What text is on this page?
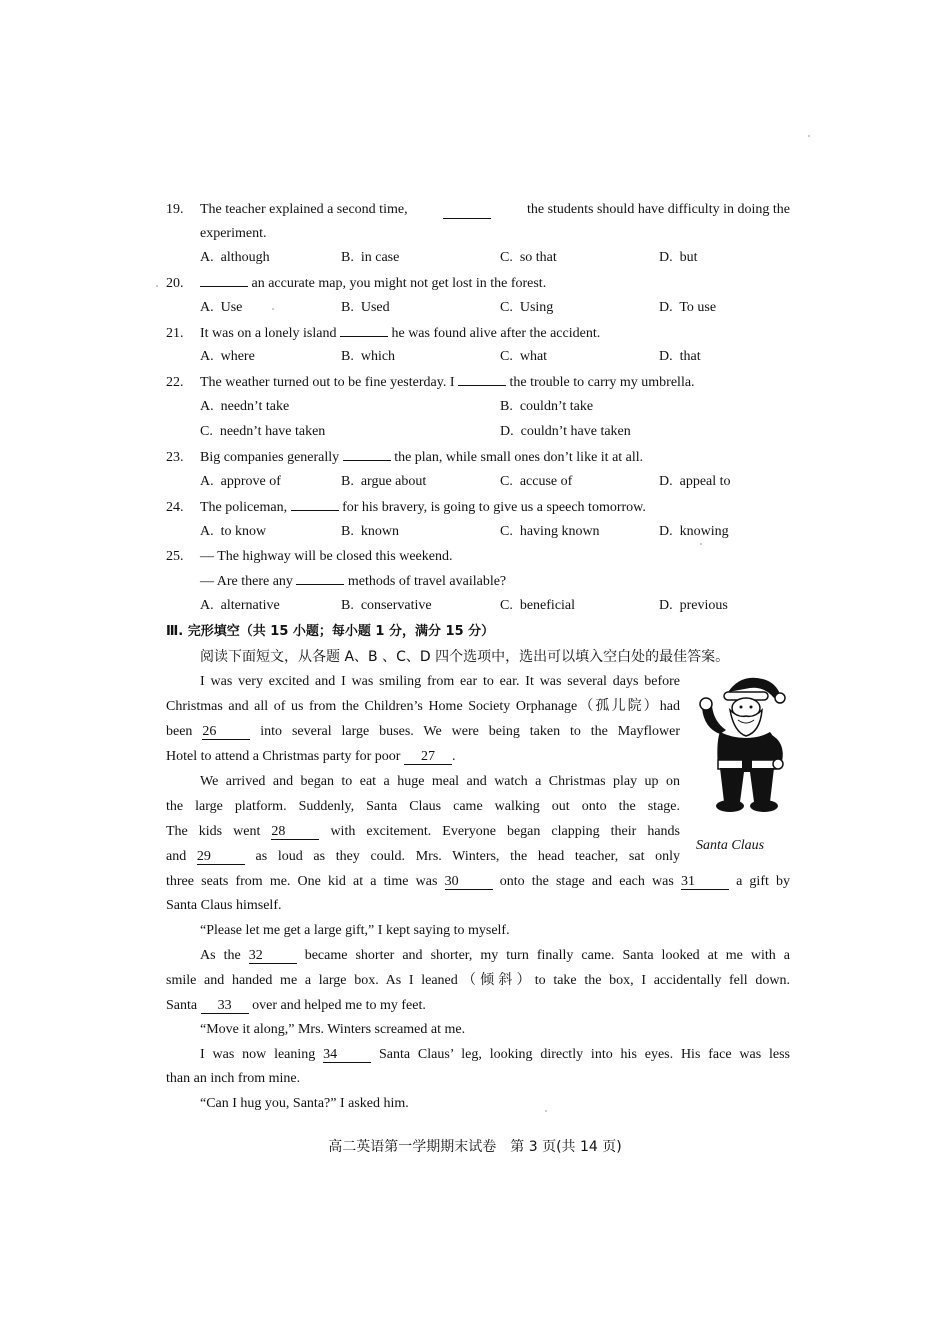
19. The teacher explained a second time,	the students should have difficulty in doing the
experiment.
A.  although	B.  in case	C.  so that	D.  but
20.	an accurate map, you might not get lost in the forest.
A.  Use	B.  Used	C.  Using	D.  To use
21. It was on a lonely island	he was found alive after the accident.
A.  where	B.  which	C.  what	D.  that
22. The weather turned out to be fine yesterday. I	the trouble to carry my umbrella.
A.  needn’t take	B.  couldn’t take
C.  needn’t have taken	D.  couldn’t have taken
23. Big companies generally	the plan, while small ones don’t like it at all.
A.  approve of	B.  argue about	C.  accuse of	D.  appeal to
24. The policeman,	for his bravery, is going to give us a speech tomorrow.
A.  to know	B.  known	C.  having known	D.  knowing
25. — The highway will be closed this weekend.
— Are there any	methods of travel available?
A.  alternative	B.  conservative	C.  beneficial	D.  previous
Ⅲ. 完形填空（共 15 小题；每小题 1 分，满分 15 分）
阅读下面短文，从各题 A、B 、C、D 四个选项中，选出可以填入空白处的最佳答案。
I was very excited and I was smiling from ear to ear. It was several days before
Christmas and all of us from the Children’s Home Society Orphanage（孤儿院）had
been 26	into several large buses. We were being taken to the Mayflower
Hotel to attend a Christmas party for poor 27 .
We arrived and began to eat a huge meal and watch a Christmas play up on
the large platform. Suddenly, Santa Claus came walking out onto the stage.
The kids went 28	with excitement. Everyone began clapping their hands
and 29	as loud as they could. Mrs. Winters, the head teacher, sat only
three seats from me. One kid at a time was 30	onto the stage and each was 31	a gift by
Santa Claus himself.
“Please let me get a large gift,” I kept saying to myself.
As the 32	became shorter and shorter, my turn finally came. Santa looked at me with a
smile and handed me a large box. As I leaned（倾斜）to take the box, I accidentally fell down.
Santa 33 over and helped me to my feet.
“Move it along,” Mrs. Winters screamed at me.
I was now leaning 34	Santa Claus’ leg, looking directly into his eyes. His face was less
than an inch from mine.
“Can I hug you, Santa?” I asked him.
Santa Claus
高二英语第一学期期末试卷　第 3 页(共 14 页)
